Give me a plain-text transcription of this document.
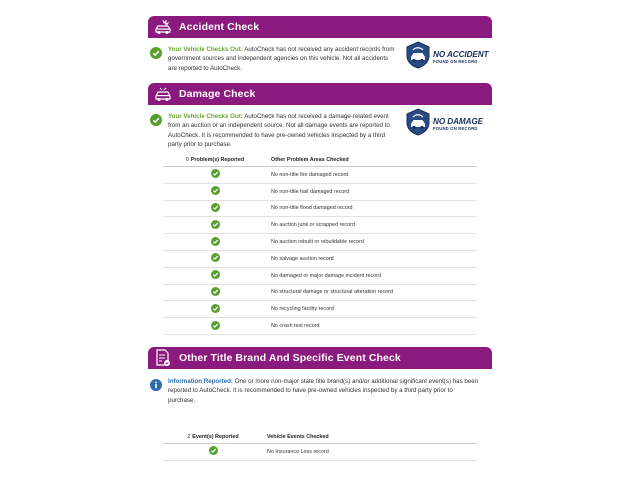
Accident Check
Your Vehicle Checks Out: AutoCheck has not received any accident records from government sources and independent agencies on this vehicle. Not all accidents are reported to AutoCheck.
NO ACCIDENT
FOUND ON RECORD
Damage Check
Your Vehicle Checks Out: AutoCheck has not received a damage-related event from an auction or an independent source. Not all damage events are reported to AutoCheck. It is recommended to have pre-owned vehicles inspected by a third party prior to purchase.
NO DAMAGE
FOUND ON RECORD
0 Problem(s) Reported	Other Problem Areas Checked
No non-title fire damaged record
No non-title hail damaged record
No non-title flood damaged record
No auction junk or scrapped record
No auction rebuilt or rebuildable record
No salvage auction record
No damaged or major damage incident record
No structural damage or structural alteration record
No recycling facility record
No crash test record
Other Title Brand And Specific Event Check
Information Reported: One or more non-major state title brand(s) and/or additional significant event(s) has been reported to AutoCheck. It is recommended to have pre-owned vehicles inspected by a third party prior to purchase.
2 Event(s) Reported	Vehicle Events Checked
No Insurance Loss record
